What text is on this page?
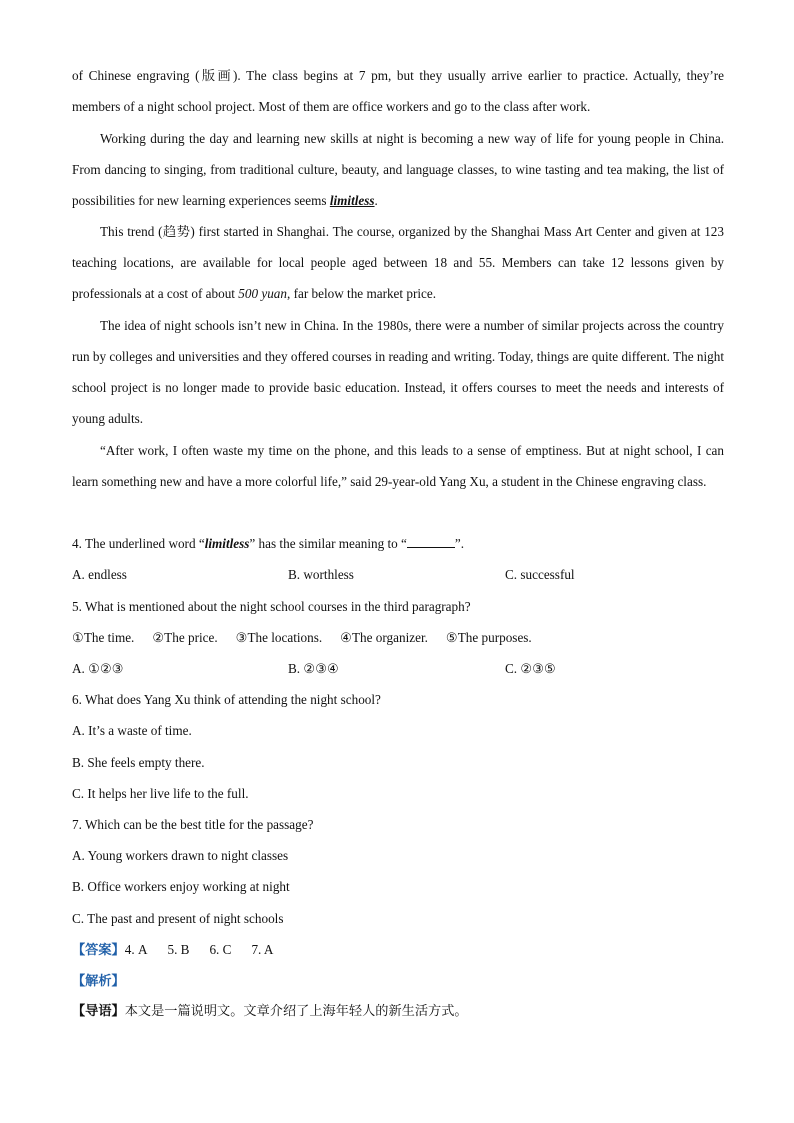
of Chinese engraving (版画). The class begins at 7 pm, but they usually arrive earlier to practice. Actually, they’re members of a night school project. Most of them are office workers and go to the class after work.
Working during the day and learning new skills at night is becoming a new way of life for young people in China. From dancing to singing, from traditional culture, beauty, and language classes, to wine tasting and tea making, the list of possibilities for new learning experiences seems limitless.
This trend (趋势) first started in Shanghai. The course, organized by the Shanghai Mass Art Center and given at 123 teaching locations, are available for local people aged between 18 and 55. Members can take 12 lessons given by professionals at a cost of about 500 yuan, far below the market price.
The idea of night schools isn’t new in China. In the 1980s, there were a number of similar projects across the country run by colleges and universities and they offered courses in reading and writing. Today, things are quite different. The night school project is no longer made to provide basic education. Instead, it offers courses to meet the needs and interests of young adults.
“After work, I often waste my time on the phone, and this leads to a sense of emptiness. But at night school, I can learn something new and have a more colorful life,” said 29-year-old Yang Xu, a student in the Chinese engraving class.
4. The underlined word “limitless” has the similar meaning to “	”.
A. endless	B. worthless	C. successful
5. What is mentioned about the night school courses in the third paragraph?
①The time. ②The price. ③The locations. ④The organizer. ⑤The purposes.
A. ①②③	B. ②③④	C. ②③⑤
6. What does Yang Xu think of attending the night school?
A. It’s a waste of time.
B. She feels empty there.
C. It helps her live life to the full.
7. Which can be the best title for the passage?
A. Young workers drawn to night classes
B. Office workers enjoy working at night
C. The past and present of night schools
【答案】4. A 5. B 6. C 7. A
【解析】
【导语】本文是一篇说明文。文章介绍了上海年轻人的新生活方式。
